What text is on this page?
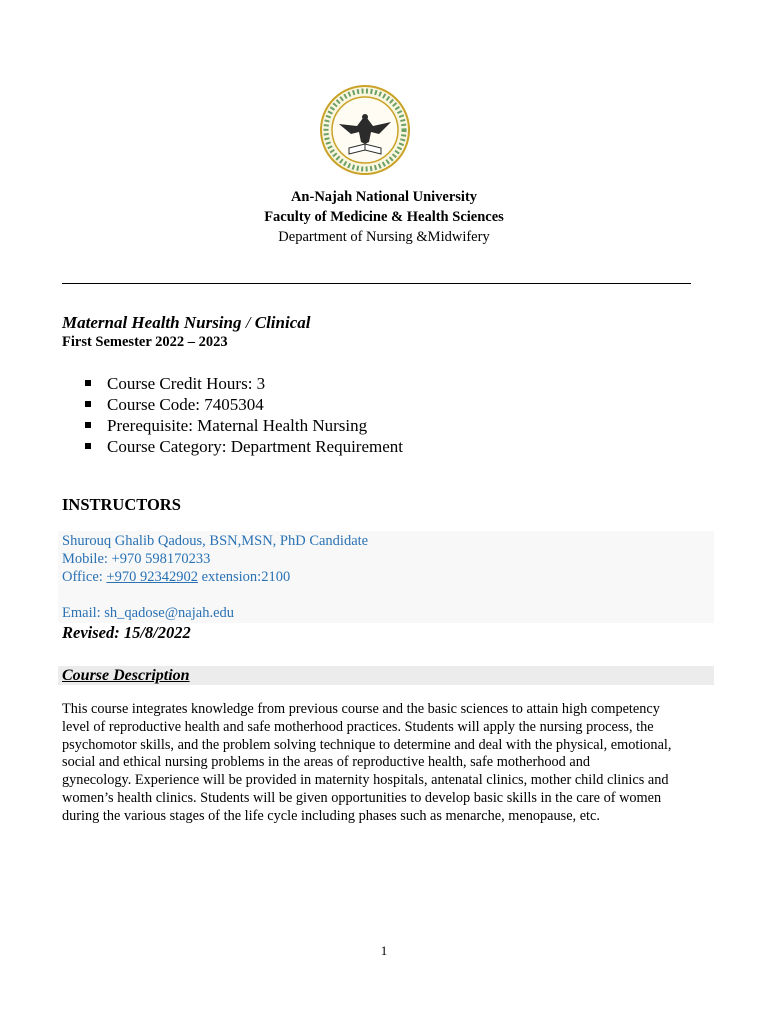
An-Najah National University
Faculty of Medicine & Health Sciences
Department of Nursing &Midwifery
Maternal Health Nursing / Clinical
First Semester 2022 – 2023
Course Credit Hours: 3
Course Code: 7405304
Prerequisite: Maternal Health Nursing
Course Category: Department Requirement
INSTRUCTORS
Shurouq Ghalib Qadous, BSN,MSN, PhD Candidate
Mobile: +970 598170233
Office: +970 92342902 extension:2100
Email: sh_qadose@najah.edu
Revised: 15/8/2022
Course Description
This course integrates knowledge from previous course and the basic sciences to attain high competency
level of reproductive health and safe motherhood practices. Students will apply the nursing process, the
psychomotor skills, and the problem solving technique to determine and deal with the physical, emotional,
social and ethical nursing problems in the areas of reproductive health, safe motherhood and
gynecology. Experience will be provided in maternity hospitals, antenatal clinics, mother child clinics and
women’s health clinics. Students will be given opportunities to develop basic skills in the care of women
during the various stages of the life cycle including phases such as menarche, menopause, etc.
1
